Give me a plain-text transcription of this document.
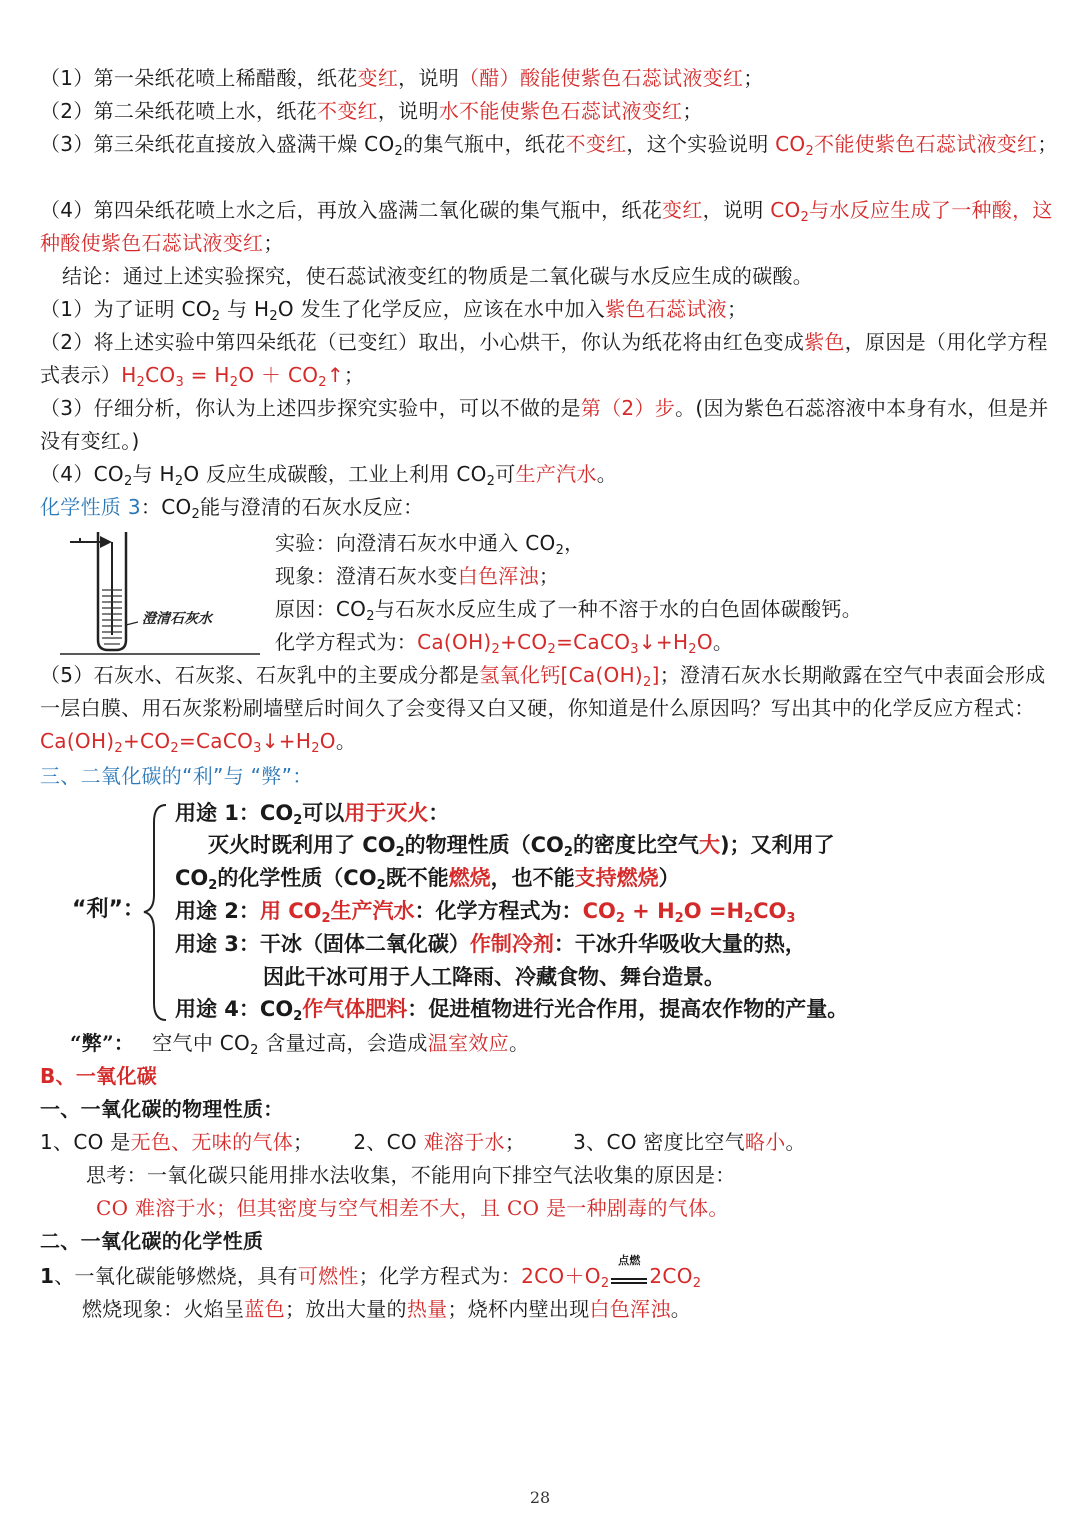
（1）第一朵纸花喷上稀醋酸，纸花变红，说明（醋）酸能使紫色石蕊试液变红；
（2）第二朵纸花喷上水，纸花不变红，说明水不能使紫色石蕊试液变红；
（3）第三朵纸花直接放入盛满干燥 $CO_2$的集气瓶中，纸花不变红，这个实验说明 $CO_2$不能使紫色石蕊试液变红；
（4）第四朵纸花喷上水之后，再放入盛满二氧化碳的集气瓶中，纸花变红，说明 $CO_2$与水反应生成了一种酸，这种酸使紫色石蕊试液变红；
结论：通过上述实验探究，使石蕊试液变红的物质是二氧化碳与水反应生成的碳酸。
（1）为了证明 $CO_2$ 与 $H_2O$ 发生了化学反应，应该在水中加入紫色石蕊试液；
（2）将上述实验中第四朵纸花（已变红）取出，小心烘干，你认为纸花将由红色变成紫色，原因是（用化学方程式表示）$H_2CO_3 = H_2O$ ＋ $CO_2↑$；
（3）仔细分析，你认为上述四步探究实验中，可以不做的是第（2）步。(因为紫色石蕊溶液中本身有水，但是并没有变红。)
$(4)CO_2$与 $H_2O$ 反应生成碳酸，工业上利用 $CO_2$可生产汽水。
化学性质 3：$CO_2$能与澄清的石灰水反应：
澄清石灰水
实验：向澄清石灰水中通入 $CO_2$，
现象：澄清石灰水变白色浑浊；
原因：$CO_2$与石灰水反应生成了一种不溶于水的白色固体碳酸钙。
化学方程式为：$Ca(OH)_2+CO_2=CaCO_3↓+H_2O$。
（5）石灰水、石灰浆、石灰乳中的主要成分都是氢氧化钙$[Ca(OH)_2]$；澄清石灰水长期敞露在空气中表面会形成一层白膜、用石灰浆粉刷墙壁后时间久了会变得又白又硬，你知道是什么原因吗？写出其中的化学反应方程式：$Ca(OH)_2+CO_2=CaCO_3↓+H_2O$。
三、二氧化碳的“利”与 “弊”：
“利”：
用途 1：$CO_2$可以用于灭火：
灭火时既利用了 $CO_2$的物理性质（$CO_2$的密度比空气大)；又利用了
$CO_2$的化学性质（$CO_2$既不能燃烧，也不能支持燃烧）
用途 2：用 $CO_2$生产汽水：化学方程式为：$CO_2 + H_2O =H_2CO_3$
用途 3：干冰（固体二氧化碳）作制冷剂：干冰升华吸收大量的热，
因此干冰可用于人工降雨、冷藏食物、舞台造景。
用途 4：$CO_2$作气体肥料：促进植物进行光合作用，提高农作物的产量。
“弊”： 空气中 $CO_2$ 含量过高，会造成温室效应。
B、一氧化碳
一、一氧化碳的物理性质：
1、CO 是无色、无味的气体； 2、CO 难溶于水； 3、CO 密度比空气略小。
思考：一氧化碳只能用排水法收集，不能用向下排空气法收集的原因是：
CO 难溶于水；但其密度与空气相差不大，且 CO 是一种剧毒的气体。
二、一氧化碳的化学性质
1、一氧化碳能够燃烧，具有可燃性；化学方程式为：$2CO+O_2$
点燃
$2CO_2$
燃烧现象：火焰呈蓝色；放出大量的热量；烧杯内壁出现白色浑浊。
28
